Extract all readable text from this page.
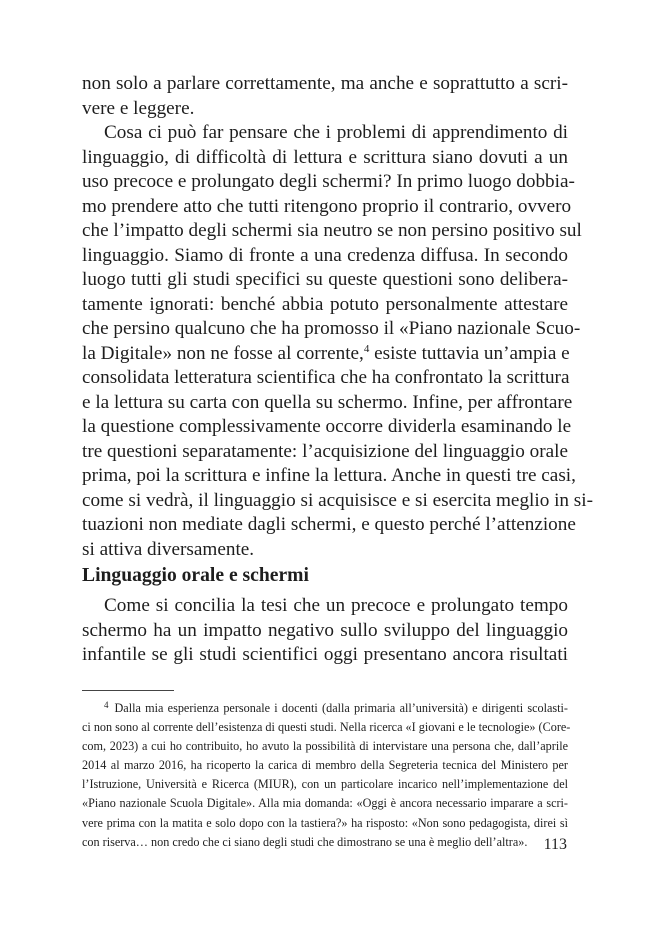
non solo a parlare correttamente, ma anche e soprattutto a scri-
vere e leggere.
Cosa ci può far pensare che i problemi di apprendimento di
linguaggio, di difficoltà di lettura e scrittura siano dovuti a un
uso precoce e prolungato degli schermi? In primo luogo dobbia-
mo prendere atto che tutti ritengono proprio il contrario, ovvero
che l’impatto degli schermi sia neutro se non persino positivo sul
linguaggio. Siamo di fronte a una credenza diffusa. In secondo
luogo tutti gli studi specifici su queste questioni sono delibera-
tamente ignorati: benché abbia potuto personalmente attestare
che persino qualcuno che ha promosso il «Piano nazionale Scuo-
la Digitale» non ne fosse al corrente,$^4$ esiste tuttavia un’ampia e
consolidata letteratura scientifica che ha confrontato la scrittura
e la lettura su carta con quella su schermo. Infine, per affrontare
la questione complessivamente occorre dividerla esaminando le
tre questioni separatamente: l’acquisizione del linguaggio orale
prima, poi la scrittura e infine la lettura. Anche in questi tre casi,
come si vedrà, il linguaggio si acquisisce e si esercita meglio in si-
tuazioni non mediate dagli schermi, e questo perché l’attenzione
si attiva diversamente.
Linguaggio orale e schermi
Come si concilia la tesi che un precoce e prolungato tempo
schermo ha un impatto negativo sullo sviluppo del linguaggio
infantile se gli studi scientifici oggi presentano ancora risultati
$^4$ Dalla mia esperienza personale i docenti (dalla primaria all’università) e dirigenti scolasti-
ci non sono al corrente dell’esistenza di questi studi. Nella ricerca «I giovani e le tecnologie» (Core-
com, 2023) a cui ho contribuito, ho avuto la possibilità di intervistare una persona che, dall’aprile
2014 al marzo 2016, ha ricoperto la carica di membro della Segreteria tecnica del Ministero per
l’Istruzione, Università e Ricerca (MIUR), con un particolare incarico nell’implementazione del
«Piano nazionale Scuola Digitale». Alla mia domanda: «Oggi è ancora necessario imparare a scri-
vere prima con la matita e solo dopo con la tastiera?» ha risposto: «Non sono pedagogista, direi sì
con riserva… non credo che ci siano degli studi che dimostrano se una è meglio dell’altra».	113
